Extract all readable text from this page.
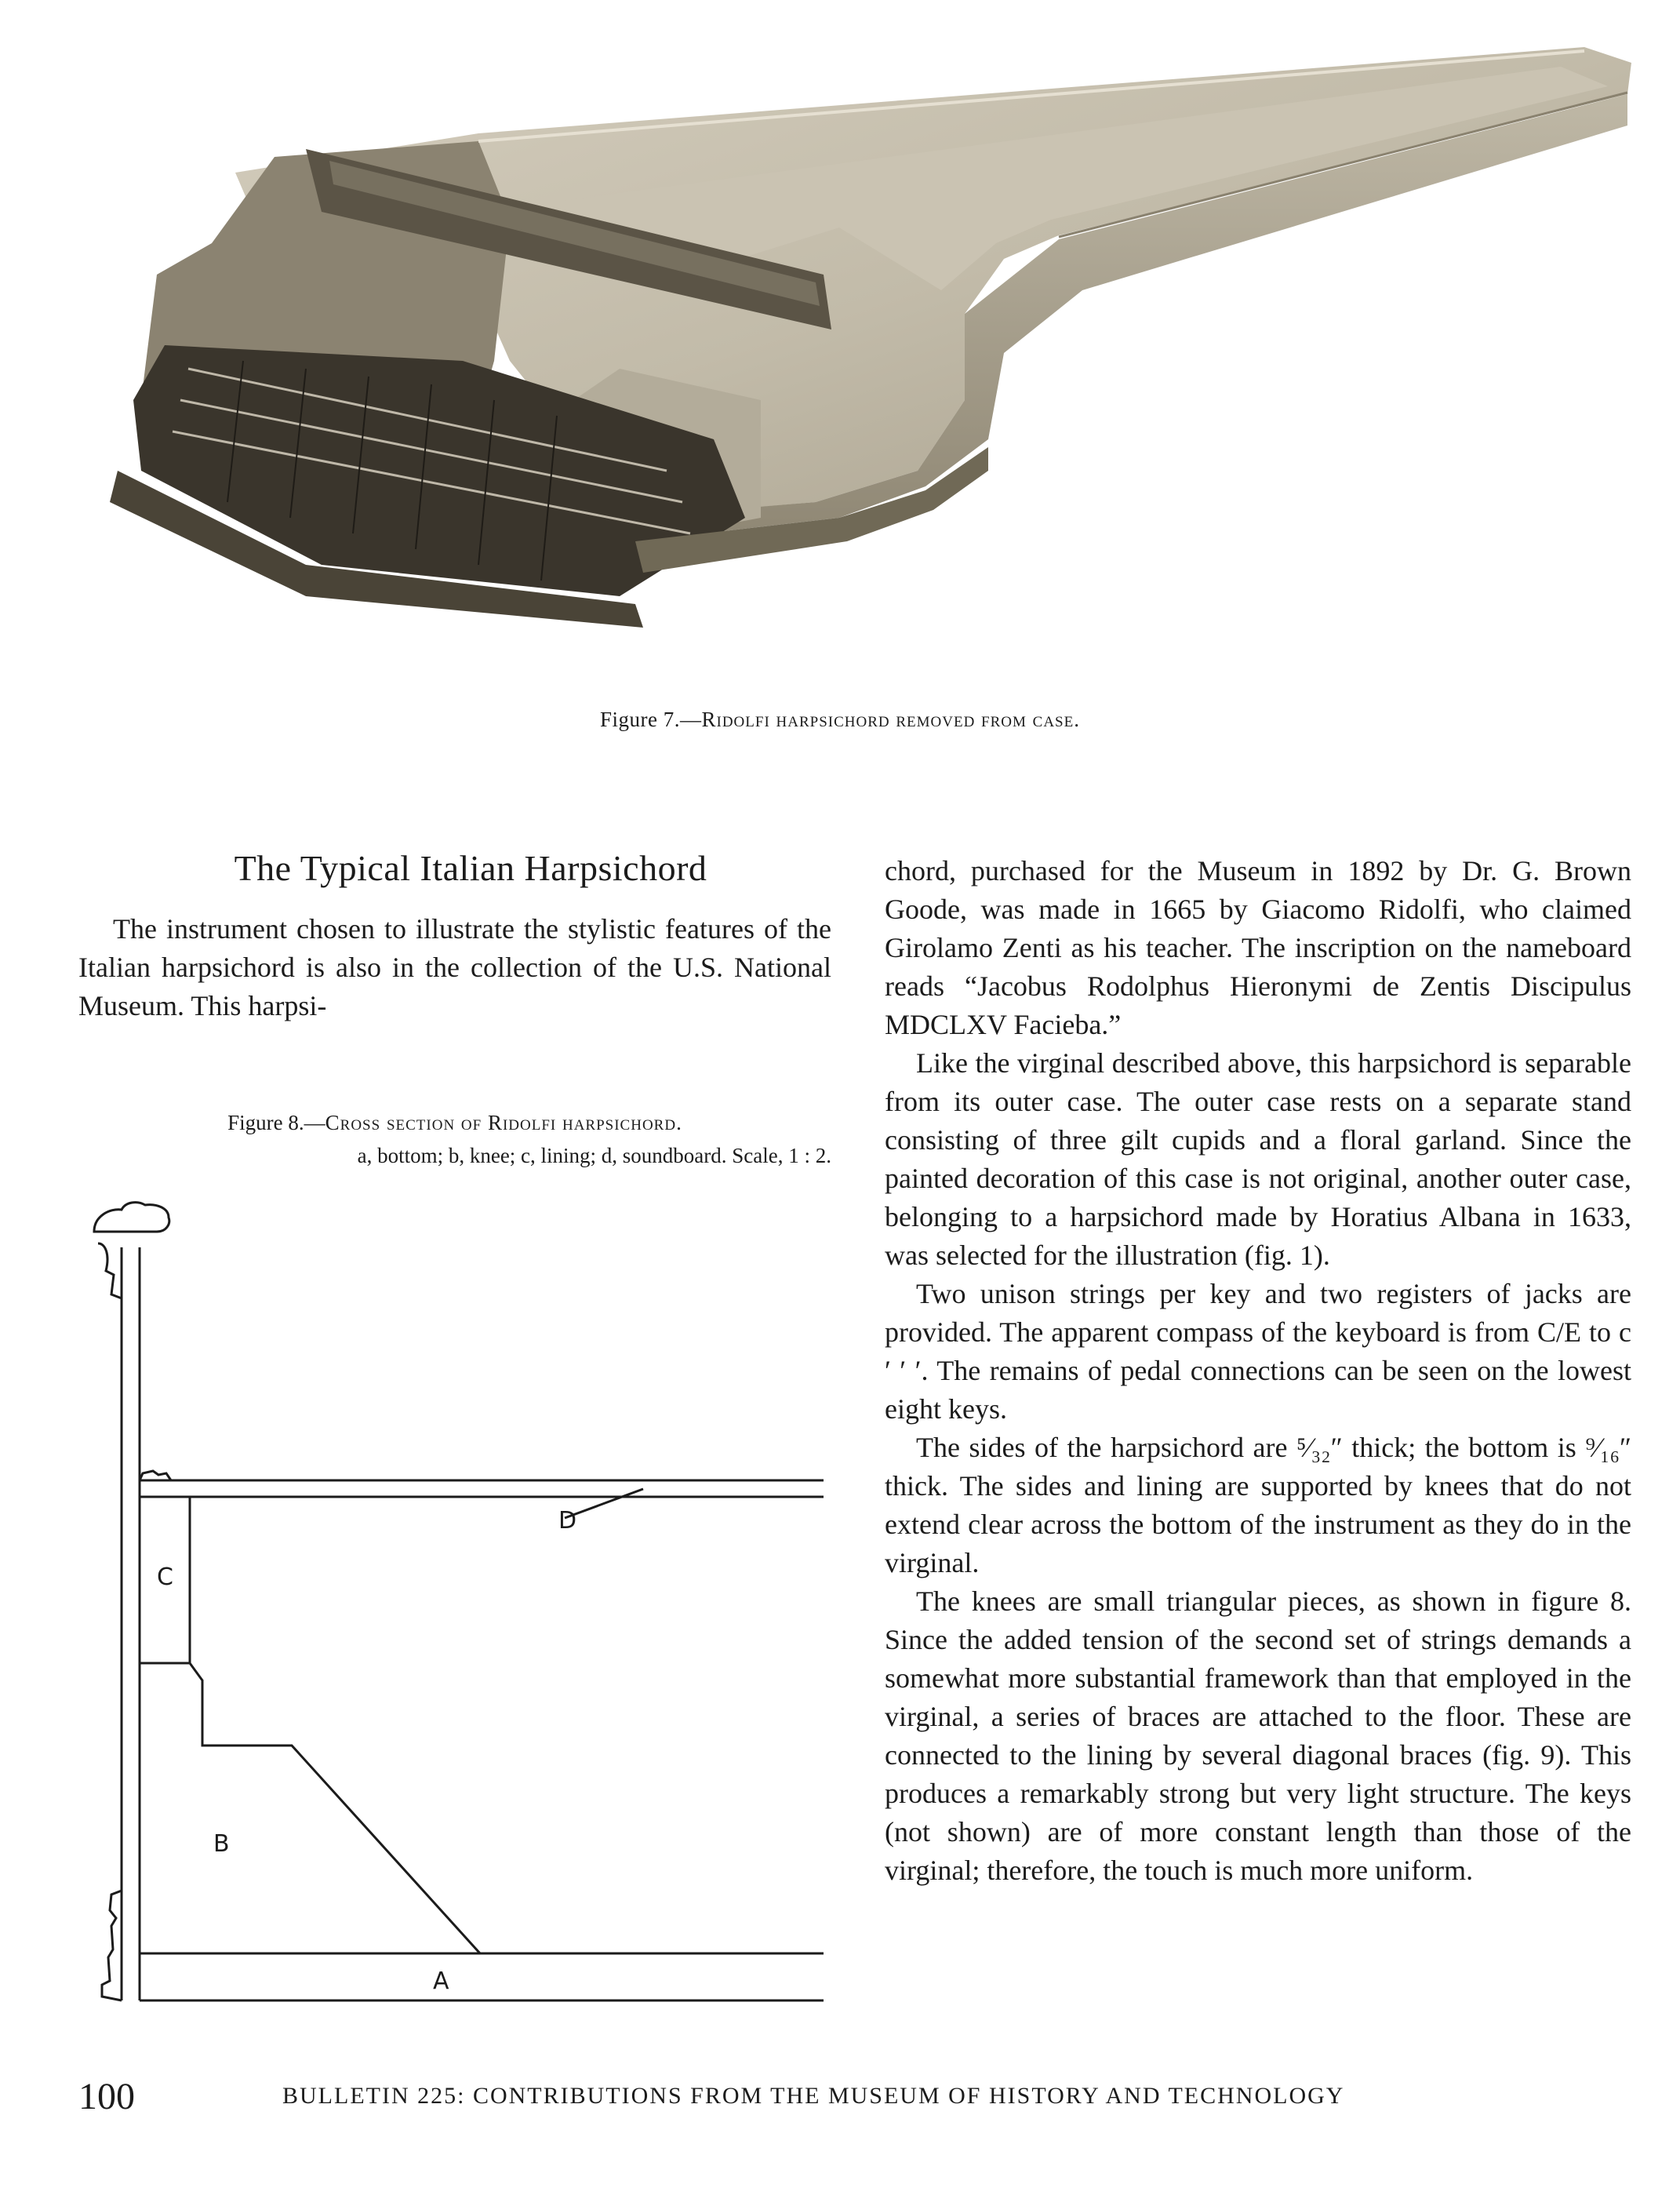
Figure 7.—Ridolfi harpsichord removed from case.
The Typical Italian Harpsichord

The instrument chosen to illustrate the stylistic features of the Italian harpsichord is also in the collection of the U.S. National Museum. This harpsi-

Figure 8.—Cross section of Ridolfi harpsichord.
a, bottom; b, knee; c, lining; d, soundboard. Scale, 1 : 2.
D
C
B
A

chord, purchased for the Museum in 1892 by Dr. G. Brown Goode, was made in 1665 by Giacomo Ridolfi, who claimed Girolamo Zenti as his teacher. The inscription on the nameboard reads “Jacobus Rodolphus Hieronymi de Zentis Discipulus MDCLXV Facieba.”

Like the virginal described above, this harpsichord is separable from its outer case. The outer case rests on a separate stand consisting of three gilt cupids and a floral garland. Since the painted decoration of this case is not original, another outer case, belonging to a harpsichord made by Horatius Albana in 1633, was selected for the illustration (fig. 1).

Two unison strings per key and two registers of jacks are provided. The apparent compass of the keyboard is from C/E to c ′ ′ ′. The remains of pedal connections can be seen on the lowest eight keys.

The sides of the harpsichord are ⁵⁄₃₂″ thick; the bottom is ⁹⁄₁₆″ thick. The sides and lining are supported by knees that do not extend clear across the bottom of the instrument as they do in the virginal.

The knees are small triangular pieces, as shown in figure 8. Since the added tension of the second set of strings demands a somewhat more substantial framework than that employed in the virginal, a series of braces are attached to the floor. These are connected to the lining by several diagonal braces (fig. 9). This produces a remarkably strong but very light structure. The keys (not shown) are of more constant length than those of the virginal; therefore, the touch is much more uniform.

100	BULLETIN 225: CONTRIBUTIONS FROM THE MUSEUM OF HISTORY AND TECHNOLOGY
